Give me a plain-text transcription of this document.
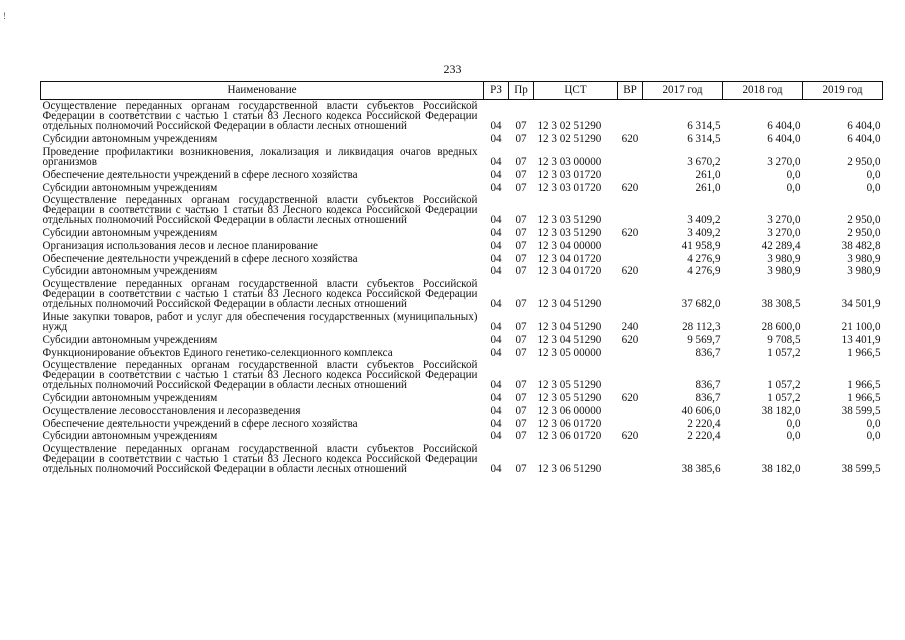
!
233
Наименование	РЗ	Пр	ЦСТ	ВР	2017 год	2018 год	2019 год
Осуществление переданных органам государственной власти субъектов Российской Федерации в соответствии с частью 1 статьи 83 Лесного кодекса Российской Федерации отдельных полномочий Российской Федерации в области лесных отношений	04	07	12 3 02 51290		6 314,5	6 404,0	6 404,0
Субсидии автономным учреждениям	04	07	12 3 02 51290	620	6 314,5	6 404,0	6 404,0
Проведение профилактики возникновения, локализация и ликвидация очагов вредных организмов	04	07	12 3 03 00000		3 670,2	3 270,0	2 950,0
Обеспечение деятельности учреждений в сфере лесного хозяйства	04	07	12 3 03 01720		261,0	0,0	0,0
Субсидии автономным учреждениям	04	07	12 3 03 01720	620	261,0	0,0	0,0
Осуществление переданных органам государственной власти субъектов Российской Федерации в соответствии с частью 1 статьи 83 Лесного кодекса Российской Федерации отдельных полномочий Российской Федерации в области лесных отношений	04	07	12 3 03 51290		3 409,2	3 270,0	2 950,0
Субсидии автономным учреждениям	04	07	12 3 03 51290	620	3 409,2	3 270,0	2 950,0
Организация использования лесов и лесное планирование	04	07	12 3 04 00000		41 958,9	42 289,4	38 482,8
Обеспечение деятельности учреждений в сфере лесного хозяйства	04	07	12 3 04 01720		4 276,9	3 980,9	3 980,9
Субсидии автономным учреждениям	04	07	12 3 04 01720	620	4 276,9	3 980,9	3 980,9
Осуществление переданных органам государственной власти субъектов Российской Федерации в соответствии с частью 1 статьи 83 Лесного кодекса Российской Федерации отдельных полномочий Российской Федерации в области лесных отношений	04	07	12 3 04 51290		37 682,0	38 308,5	34 501,9
Иные закупки товаров, работ и услуг для обеспечения государственных (муниципальных) нужд	04	07	12 3 04 51290	240	28 112,3	28 600,0	21 100,0
Субсидии автономным учреждениям	04	07	12 3 04 51290	620	9 569,7	9 708,5	13 401,9
Функционирование объектов Единого генетико-селекционного комплекса	04	07	12 3 05 00000		836,7	1 057,2	1 966,5
Осуществление переданных органам государственной власти субъектов Российской Федерации в соответствии с частью 1 статьи 83 Лесного кодекса Российской Федерации отдельных полномочий Российской Федерации в области лесных отношений	04	07	12 3 05 51290		836,7	1 057,2	1 966,5
Субсидии автономным учреждениям	04	07	12 3 05 51290	620	836,7	1 057,2	1 966,5
Осуществление лесовосстановления и лесоразведения	04	07	12 3 06 00000		40 606,0	38 182,0	38 599,5
Обеспечение деятельности учреждений в сфере лесного хозяйства	04	07	12 3 06 01720		2 220,4	0,0	0,0
Субсидии автономным учреждениям	04	07	12 3 06 01720	620	2 220,4	0,0	0,0
Осуществление переданных органам государственной власти субъектов Российской Федерации в соответствии с частью 1 статьи 83 Лесного кодекса Российской Федерации отдельных полномочий Российской Федерации в области лесных отношений	04	07	12 3 06 51290		38 385,6	38 182,0	38 599,5
